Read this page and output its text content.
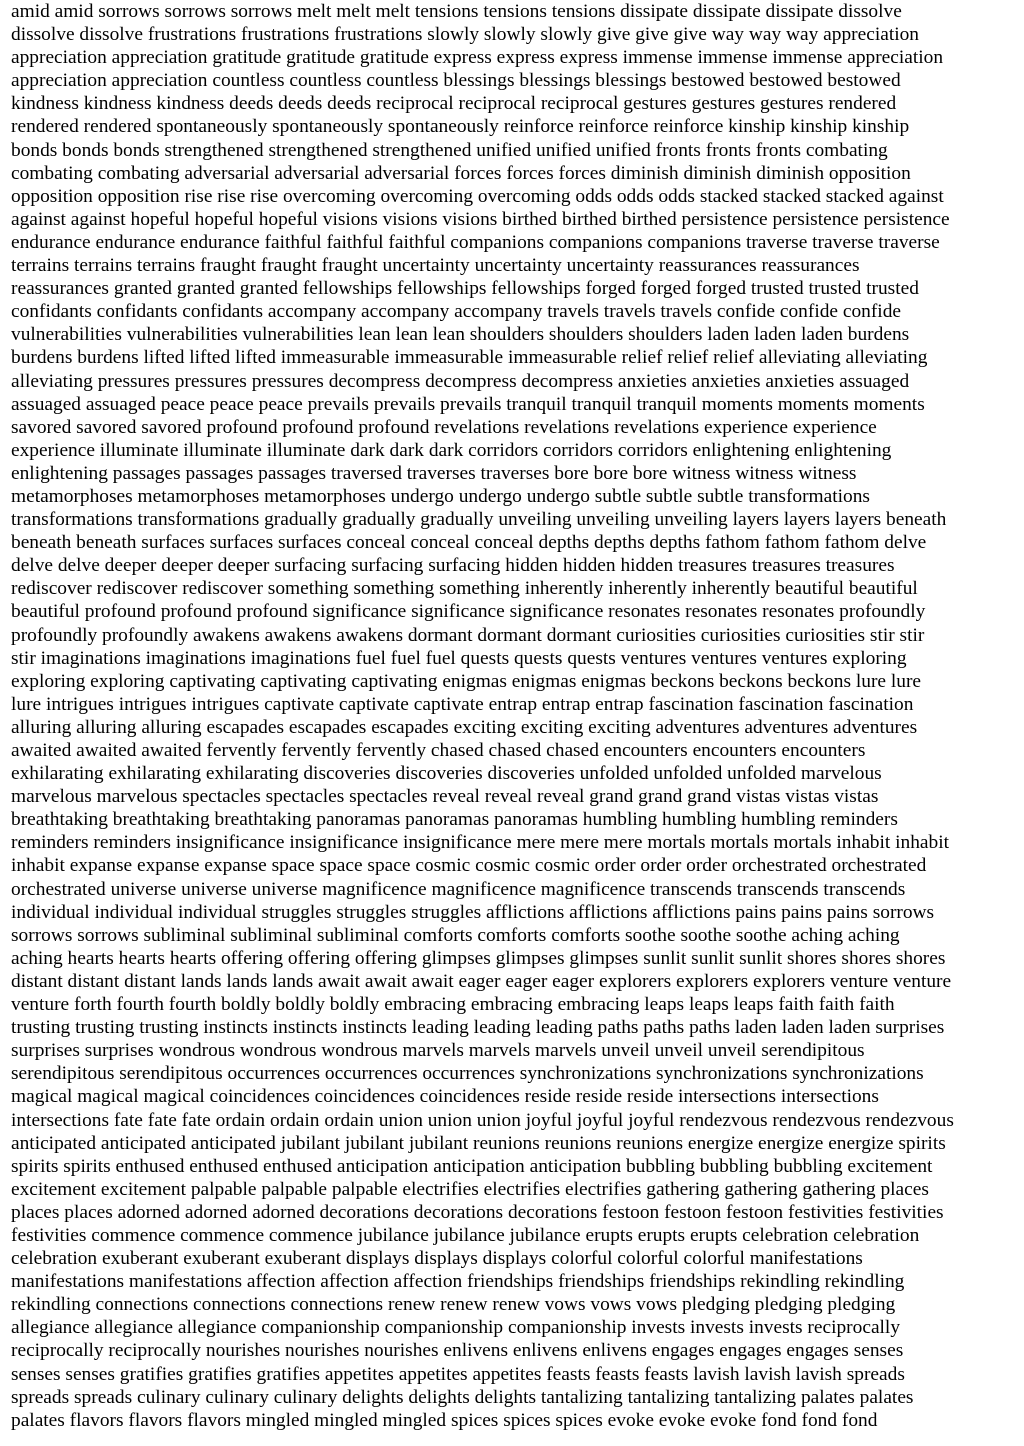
amid amid sorrows sorrows sorrows melt melt melt tensions tensions tensions dissipate dissipate dissipate dissolve
dissolve dissolve frustrations frustrations frustrations slowly slowly slowly give give give way way way appreciation
appreciation appreciation gratitude gratitude gratitude express express express immense immense immense appreciation
appreciation appreciation countless countless countless blessings blessings blessings bestowed bestowed bestowed
kindness kindness kindness deeds deeds deeds reciprocal reciprocal reciprocal gestures gestures gestures rendered
rendered rendered spontaneously spontaneously spontaneously reinforce reinforce reinforce kinship kinship kinship
bonds bonds bonds strengthened strengthened strengthened unified unified unified fronts fronts fronts combating
combating combating adversarial adversarial adversarial forces forces forces diminish diminish diminish opposition
opposition opposition rise rise rise overcoming overcoming overcoming odds odds odds stacked stacked stacked against
against against hopeful hopeful hopeful visions visions visions birthed birthed birthed persistence persistence persistence
endurance endurance endurance faithful faithful faithful companions companions companions traverse traverse traverse
terrains terrains terrains fraught fraught fraught uncertainty uncertainty uncertainty reassurances reassurances
reassurances granted granted granted fellowships fellowships fellowships forged forged forged trusted trusted trusted
confidants confidants confidants accompany accompany accompany travels travels travels confide confide confide
vulnerabilities vulnerabilities vulnerabilities lean lean lean shoulders shoulders shoulders laden laden laden burdens
burdens burdens lifted lifted lifted immeasurable immeasurable immeasurable relief relief relief alleviating alleviating
alleviating pressures pressures pressures decompress decompress decompress anxieties anxieties anxieties assuaged
assuaged assuaged peace peace peace prevails prevails prevails tranquil tranquil tranquil moments moments moments
savored savored savored profound profound profound revelations revelations revelations experience experience
experience illuminate illuminate illuminate dark dark dark corridors corridors corridors enlightening enlightening
enlightening passages passages passages traversed traverses traverses bore bore bore witness witness witness
metamorphoses metamorphoses metamorphoses undergo undergo undergo subtle subtle subtle transformations
transformations transformations gradually gradually gradually unveiling unveiling unveiling layers layers layers beneath
beneath beneath surfaces surfaces surfaces conceal conceal conceal depths depths depths fathom fathom fathom delve
delve delve deeper deeper deeper surfacing surfacing surfacing hidden hidden hidden treasures treasures treasures
rediscover rediscover rediscover something something something inherently inherently inherently beautiful beautiful
beautiful profound profound profound significance significance significance resonates resonates resonates profoundly
profoundly profoundly awakens awakens awakens dormant dormant dormant curiosities curiosities curiosities stir stir
stir imaginations imaginations imaginations fuel fuel fuel quests quests quests ventures ventures ventures exploring
exploring exploring captivating captivating captivating enigmas enigmas enigmas beckons beckons beckons lure lure
lure intrigues intrigues intrigues captivate captivate captivate entrap entrap entrap fascination fascination fascination
alluring alluring alluring escapades escapades escapades exciting exciting exciting adventures adventures adventures
awaited awaited awaited fervently fervently fervently chased chased chased encounters encounters encounters
exhilarating exhilarating exhilarating discoveries discoveries discoveries unfolded unfolded unfolded marvelous
marvelous marvelous spectacles spectacles spectacles reveal reveal reveal grand grand grand vistas vistas vistas
breathtaking breathtaking breathtaking panoramas panoramas panoramas humbling humbling humbling reminders
reminders reminders insignificance insignificance insignificance mere mere mere mortals mortals mortals inhabit inhabit
inhabit expanse expanse expanse space space space cosmic cosmic cosmic order order order orchestrated orchestrated
orchestrated universe universe universe magnificence magnificence magnificence transcends transcends transcends
individual individual individual struggles struggles struggles afflictions afflictions afflictions pains pains pains sorrows
sorrows sorrows subliminal subliminal subliminal comforts comforts comforts soothe soothe soothe aching aching
aching hearts hearts hearts offering offering offering glimpses glimpses glimpses sunlit sunlit sunlit shores shores shores
distant distant distant lands lands lands await await await eager eager eager explorers explorers explorers venture venture
venture forth fourth fourth boldly boldly boldly embracing embracing embracing leaps leaps leaps faith faith faith
trusting trusting trusting instincts instincts instincts leading leading leading paths paths paths laden laden laden surprises
surprises surprises wondrous wondrous wondrous marvels marvels marvels unveil unveil unveil serendipitous
serendipitous serendipitous occurrences occurrences occurrences synchronizations synchronizations synchronizations
magical magical magical coincidences coincidences coincidences reside reside reside intersections intersections
intersections fate fate fate ordain ordain ordain union union union joyful joyful joyful rendezvous rendezvous rendezvous
anticipated anticipated anticipated jubilant jubilant jubilant reunions reunions reunions energize energize energize spirits
spirits spirits enthused enthused enthused anticipation anticipation anticipation bubbling bubbling bubbling excitement
excitement excitement palpable palpable palpable electrifies electrifies electrifies gathering gathering gathering places
places places adorned adorned adorned decorations decorations decorations festoon festoon festoon festivities festivities
festivities commence commence commence jubilance jubilance jubilance erupts erupts erupts celebration celebration
celebration exuberant exuberant exuberant displays displays displays colorful colorful colorful manifestations
manifestations manifestations affection affection affection friendships friendships friendships rekindling rekindling
rekindling connections connections connections renew renew renew vows vows vows pledging pledging pledging
allegiance allegiance allegiance companionship companionship companionship invests invests invests reciprocally
reciprocally reciprocally nourishes nourishes nourishes enlivens enlivens enlivens engages engages engages senses
senses senses gratifies gratifies gratifies appetites appetites appetites feasts feasts feasts lavish lavish lavish spreads
spreads spreads culinary culinary culinary delights delights delights tantalizing tantalizing tantalizing palates palates
palates flavors flavors flavors mingled mingled mingled spices spices spices evoke evoke evoke fond fond fond
